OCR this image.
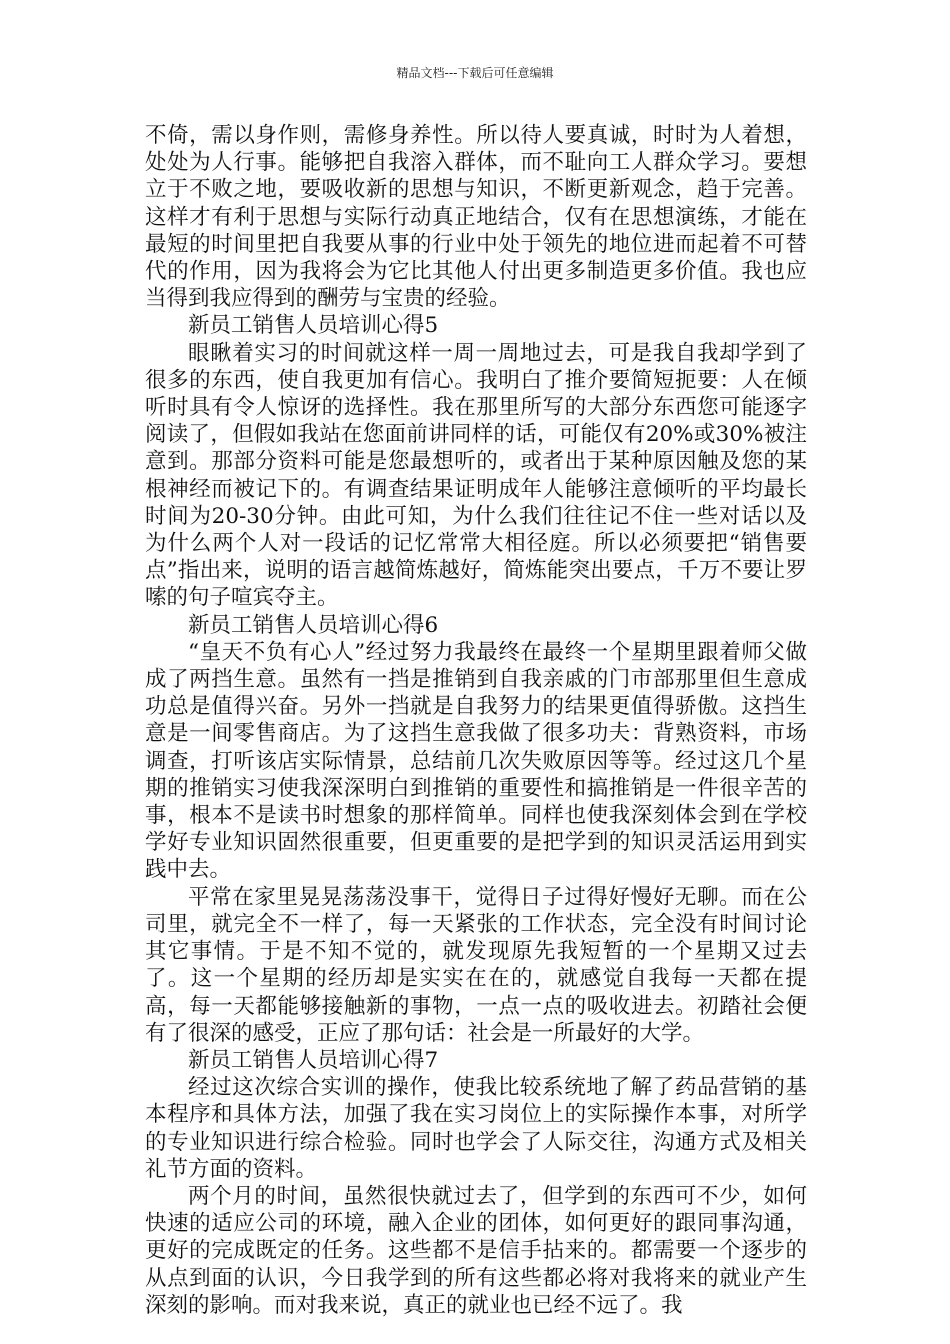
精品文档---下载后可任意编辑

不倚，需以身作则，需修身养性。所以待人要真诚，时时为人着想，处处为人行事。能够把自我溶入群体，而不耻向工人群众学习。要想立于不败之地，要吸收新的思想与知识，不断更新观念，趋于完善。这样才有利于思想与实际行动真正地结合，仅有在思想演练，才能在最短的时间里把自我要从事的行业中处于领先的地位进而起着不可替代的作用，因为我将会为它比其他人付出更多制造更多价值。我也应当得到我应得到的酬劳与宝贵的经验。

新员工销售人员培训心得5

眼瞅着实习的时间就这样一周一周地过去，可是我自我却学到了很多的东西，使自我更加有信心。我明白了推介要简短扼要：人在倾听时具有令人惊讶的选择性。我在那里所写的大部分东西您可能逐字阅读了，但假如我站在您面前讲同样的话，可能仅有20%或30%被注意到。那部分资料可能是您最想听的，或者出于某种原因触及您的某根神经而被记下的。有调查结果证明成年人能够注意倾听的平均最长时间为20-30分钟。由此可知，为什么我们往往记不住一些对话以及为什么两个人对一段话的记忆常常大相径庭。所以必须要把“销售要点”指出来，说明的语言越简炼越好，简炼能突出要点，千万不要让罗嗦的句子喧宾夺主。

新员工销售人员培训心得6

“皇天不负有心人”经过努力我最终在最终一个星期里跟着师父做成了两挡生意。虽然有一挡是推销到自我亲戚的门市部那里但生意成功总是值得兴奋。另外一挡就是自我努力的结果更值得骄傲。这挡生意是一间零售商店。为了这挡生意我做了很多功夫：背熟资料，市场调查，打听该店实际情景，总结前几次失败原因等等。经过这几个星期的推销实习使我深深明白到推销的重要性和搞推销是一件很辛苦的事，根本不是读书时想象的那样简单。同样也使我深刻体会到在学校学好专业知识固然很重要，但更重要的是把学到的知识灵活运用到实践中去。

平常在家里晃晃荡荡没事干，觉得日子过得好慢好无聊。而在公司里，就完全不一样了，每一天紧张的工作状态，完全没有时间讨论其它事情。于是不知不觉的，就发现原先我短暂的一个星期又过去了。这一个星期的经历却是实实在在的，就感觉自我每一天都在提高，每一天都能够接触新的事物，一点一点的吸收进去。初踏社会便有了很深的感受，正应了那句话：社会是一所最好的大学。

新员工销售人员培训心得7

经过这次综合实训的操作，使我比较系统地了解了药品营销的基本程序和具体方法，加强了我在实习岗位上的实际操作本事，对所学的专业知识进行综合检验。同时也学会了人际交往，沟通方式及相关礼节方面的资料。

两个月的时间，虽然很快就过去了，但学到的东西可不少，如何快速的适应公司的环境，融入企业的团体，如何更好的跟同事沟通，更好的完成既定的任务。这些都不是信手拈来的。都需要一个逐步的从点到面的认识，今日我学到的所有这些都必将对我将来的就业产生深刻的影响。而对我来说，真正的就业也已经不远了。我
